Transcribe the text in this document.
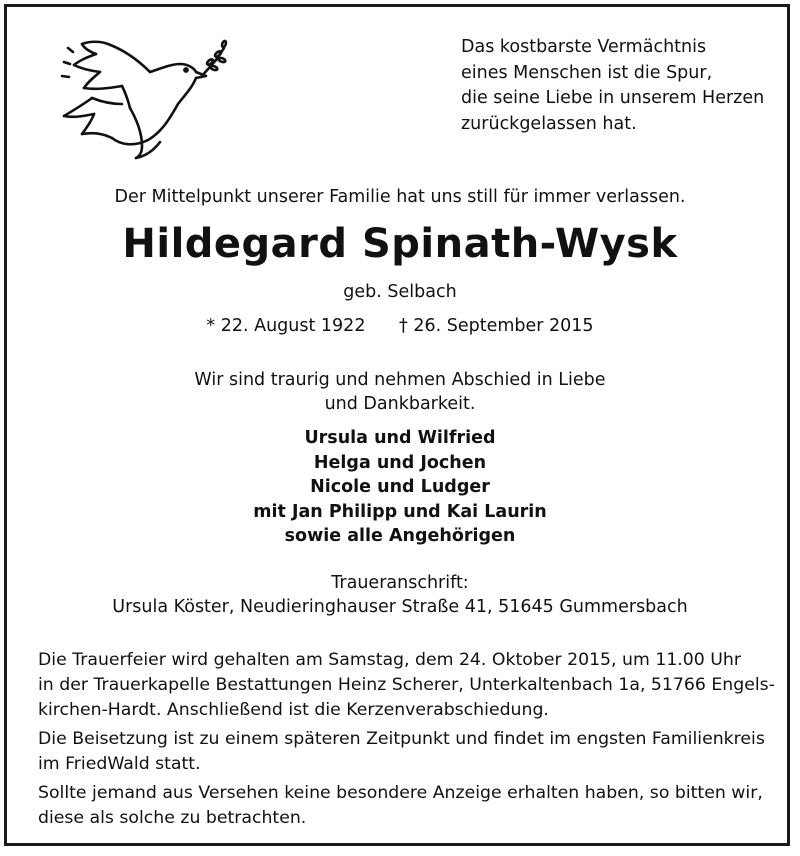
Das kostbarste Vermächtnis
eines Menschen ist die Spur,
die seine Liebe in unserem Herzen
zurückgelassen hat.
Der Mittelpunkt unserer Familie hat uns still für immer verlassen.
Hildegard Spinath-Wysk
geb. Selbach
* 22. August 1922 † 26. September 2015
Wir sind traurig und nehmen Abschied in Liebe
und Dankbarkeit.
Ursula und Wilfried
Helga und Jochen
Nicole und Ludger
mit Jan Philipp und Kai Laurin
sowie alle Angehörigen
Traueranschrift:
Ursula Köster, Neudieringhauser Straße 41, 51645 Gummersbach

Die Trauerfeier wird gehalten am Samstag, dem 24. Oktober 2015, um 11.00 Uhr
in der Trauerkapelle Bestattungen Heinz Scherer, Unterkaltenbach 1a, 51766 Engels-
kirchen-Hardt. Anschließend ist die Kerzenverabschiedung.

Die Beisetzung ist zu einem späteren Zeitpunkt und findet im engsten Familienkreis
im FriedWald statt.

Sollte jemand aus Versehen keine besondere Anzeige erhalten haben, so bitten wir,
diese als solche zu betrachten.
